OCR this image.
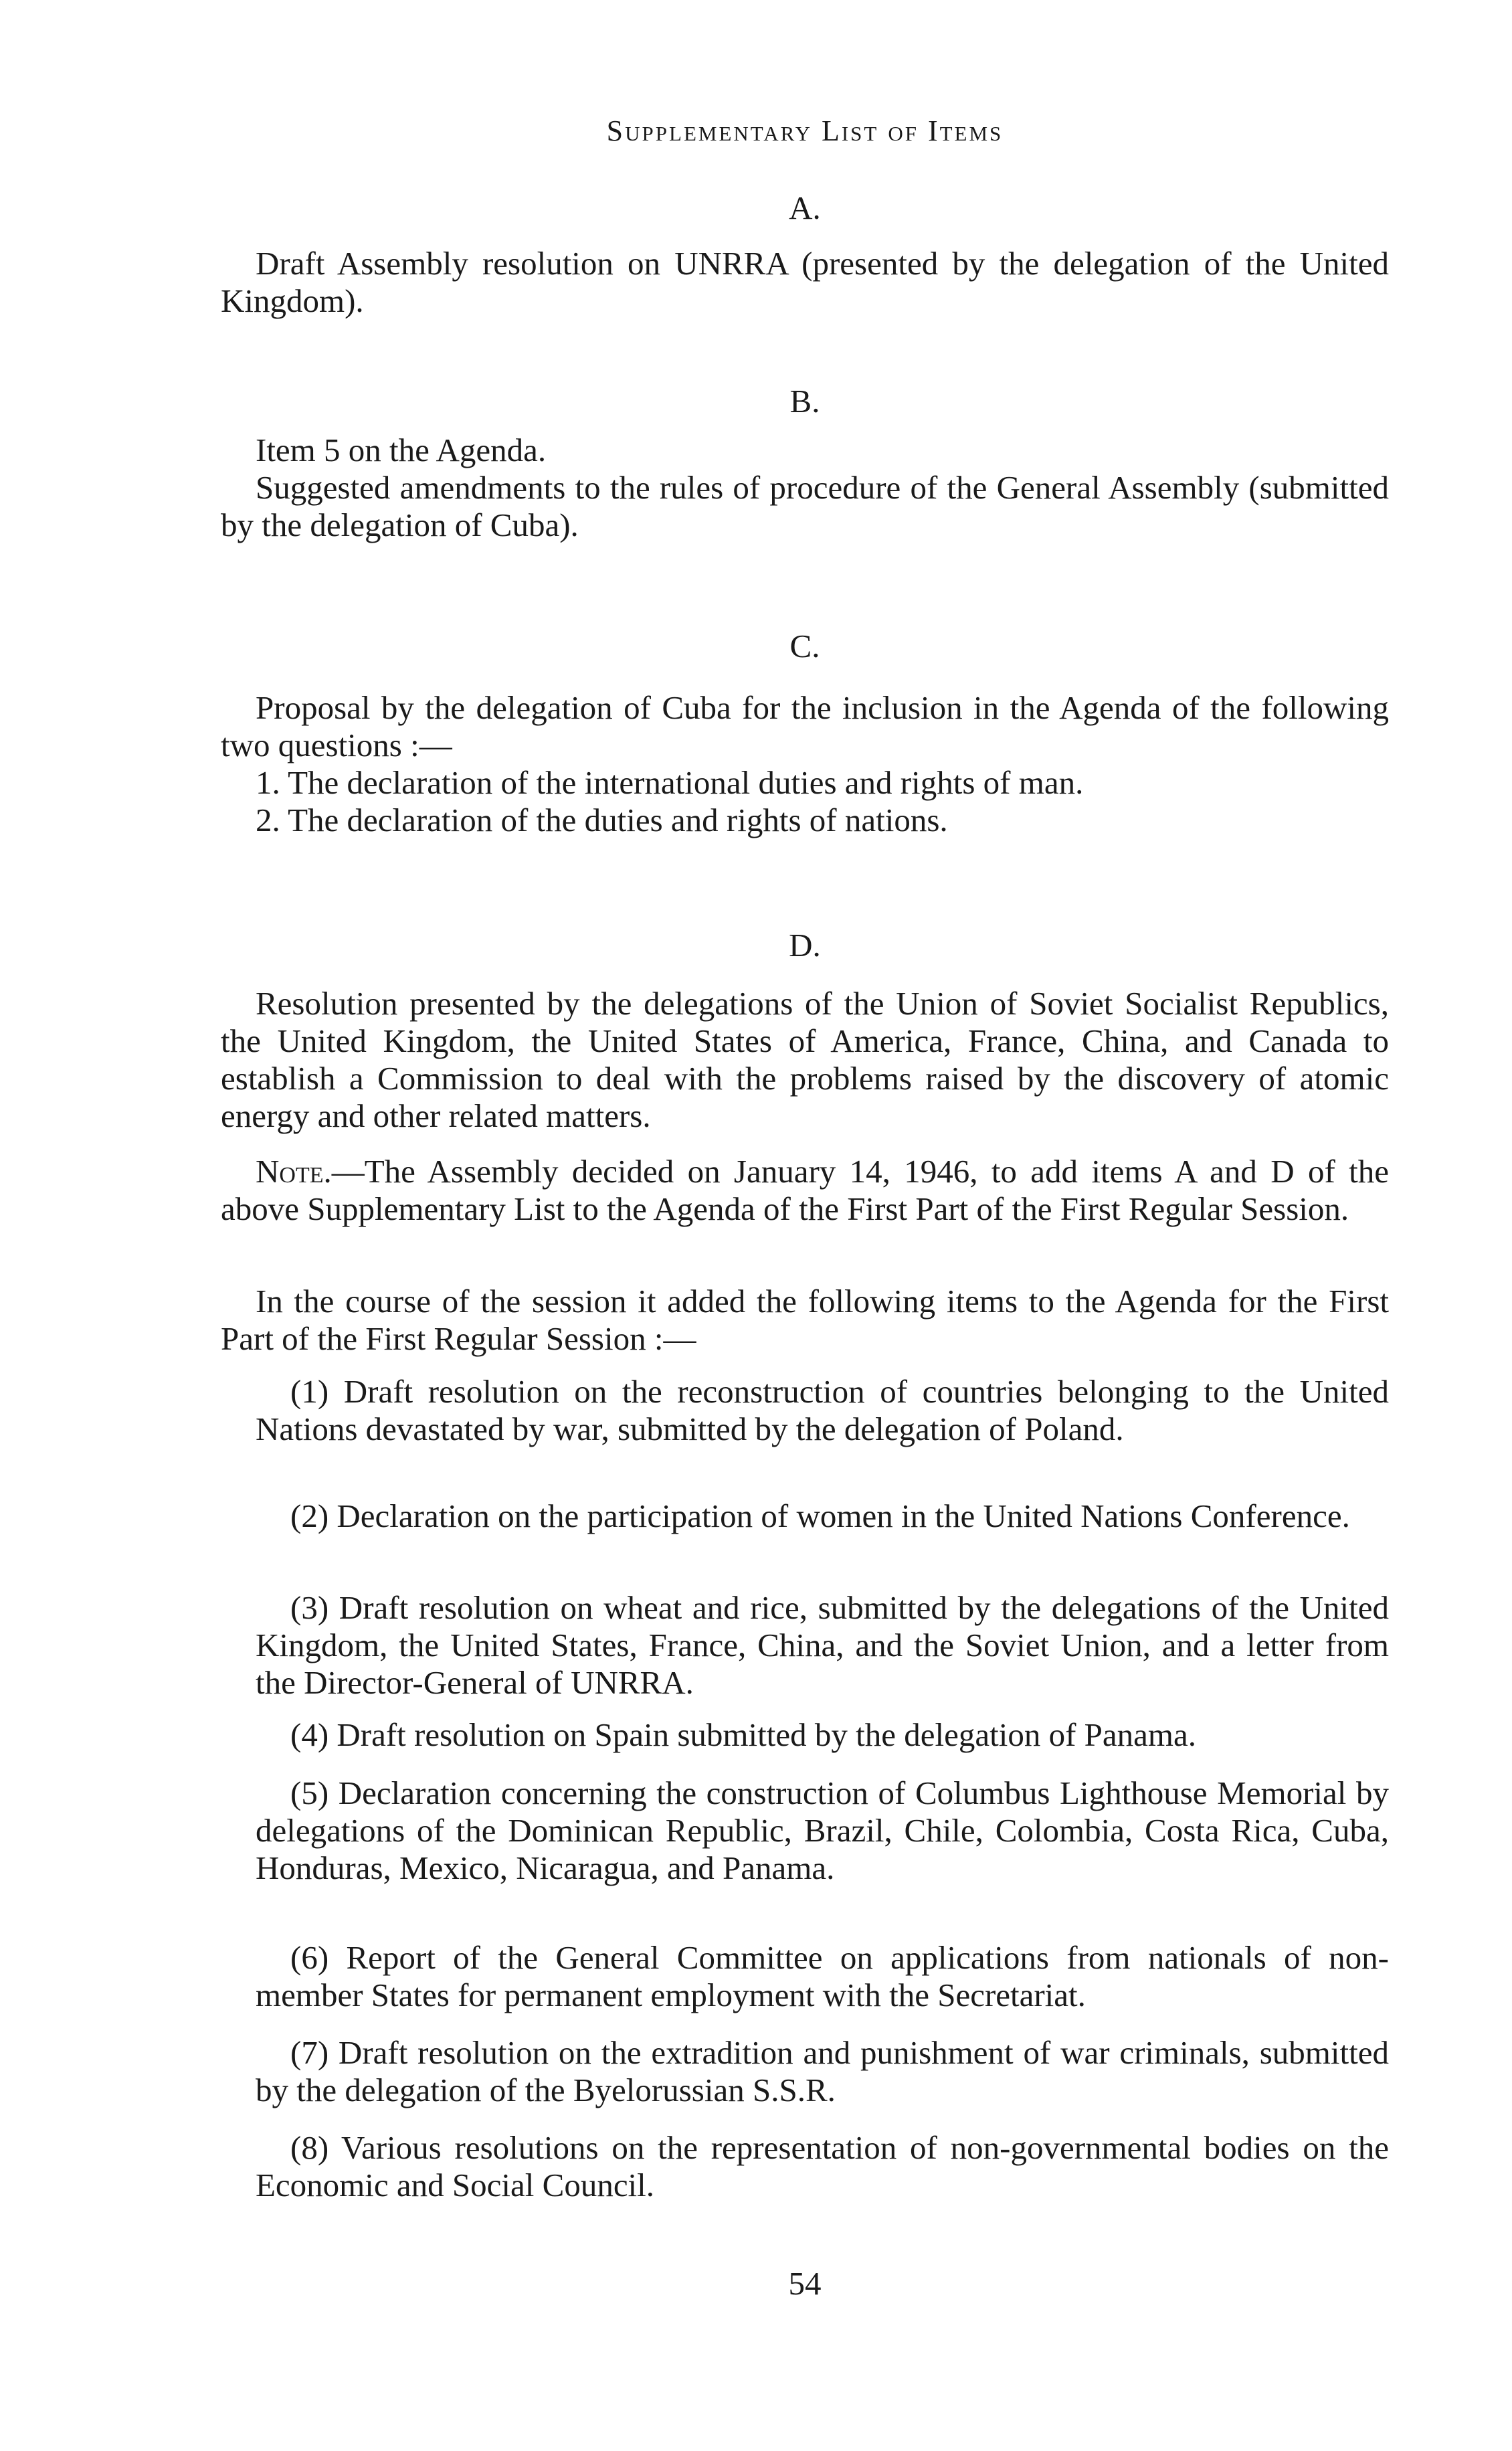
Supplementary List of Items
A.
Draft Assembly resolution on UNRRA (presented by the delegation of the United Kingdom).
B.
Item 5 on the Agenda.
Suggested amendments to the rules of procedure of the General Assembly (submitted by the delegation of Cuba).
C.
Proposal by the delegation of Cuba for the inclusion in the Agenda of the following two questions :—
1. The declaration of the international duties and rights of man.
2. The declaration of the duties and rights of nations.
D.
Resolution presented by the delegations of the Union of Soviet Socialist Republics, the United Kingdom, the United States of America, France, China, and Canada to establish a Commission to deal with the problems raised by the discovery of atomic energy and other related matters.
Note.—The Assembly decided on January 14, 1946, to add items A and D of the above Supplementary List to the Agenda of the First Part of the First Regular Session.
In the course of the session it added the following items to the Agenda for the First Part of the First Regular Session :—
(1) Draft resolution on the reconstruction of countries belonging to the United Nations devastated by war, submitted by the delegation of Poland.
(2) Declaration on the participation of women in the United Nations Conference.
(3) Draft resolution on wheat and rice, submitted by the delegations of the United Kingdom, the United States, France, China, and the Soviet Union, and a letter from the Director-General of UNRRA.
(4) Draft resolution on Spain submitted by the delegation of Panama.
(5) Declaration concerning the construction of Columbus Lighthouse Memorial by delegations of the Dominican Republic, Brazil, Chile, Colombia, Costa Rica, Cuba, Honduras, Mexico, Nicaragua, and Panama.
(6) Report of the General Committee on applications from nationals of non-member States for permanent employment with the Secretariat.
(7) Draft resolution on the extradition and punishment of war criminals, submitted by the delegation of the Byelorussian S.S.R.
(8) Various resolutions on the representation of non-governmental bodies on the Economic and Social Council.
54
